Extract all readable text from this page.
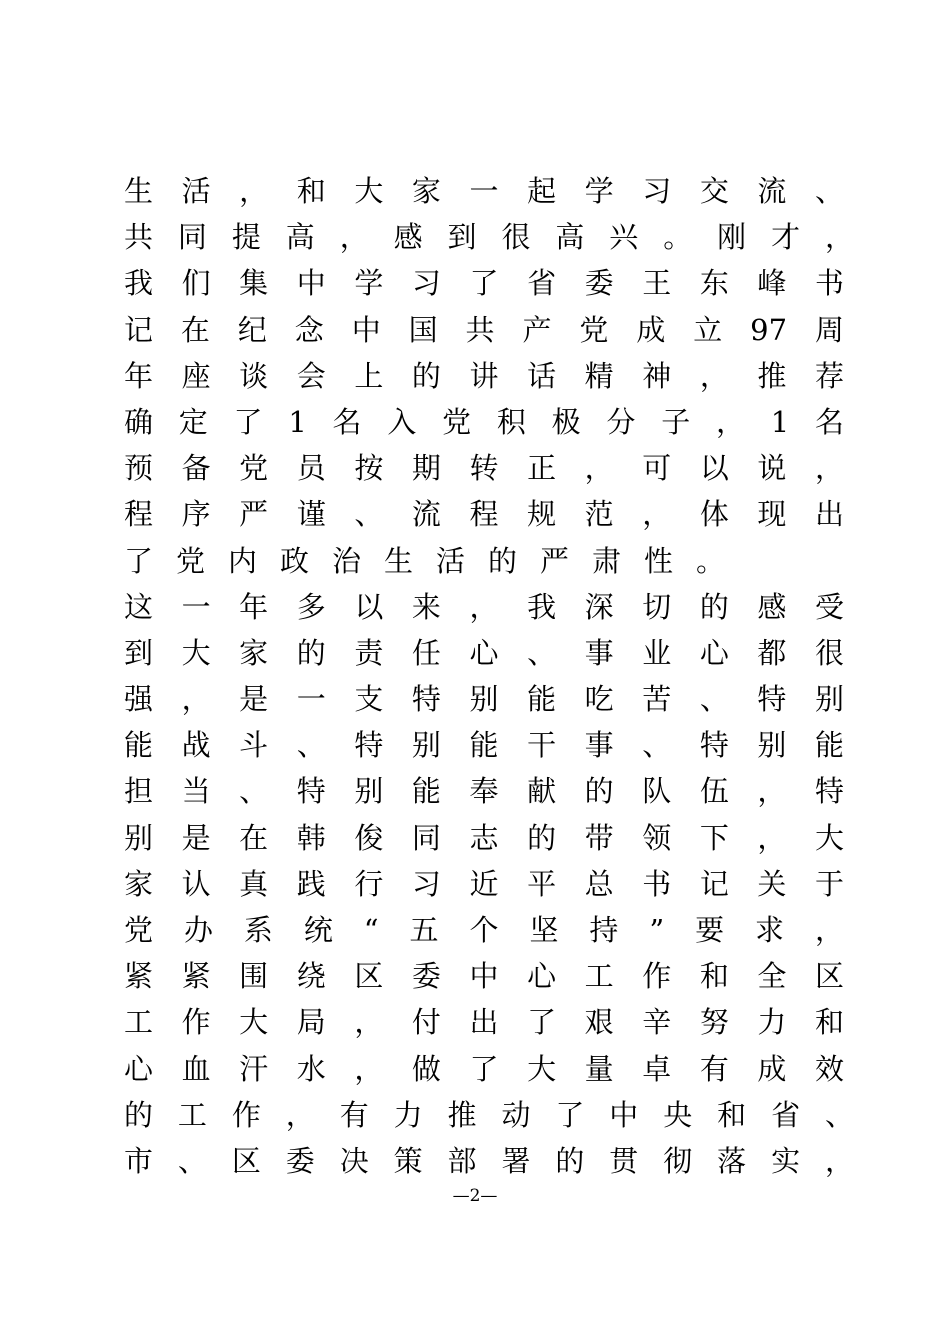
生活，和大家一起学习交流、
共同提高，感到很高兴。刚才，
我们集中学习了省委王东峰书
记在纪念中国共产党成立97周
年座谈会上的讲话精神，推荐
确定了1名入党积极分子，1名
预备党员按期转正，可以说，
程序严谨、流程规范，体现出
了党内政治生活的严肃性。
这一年多以来，我深切的感受
到大家的责任心、事业心都很
强，是一支特别能吃苦、特别
能战斗、特别能干事、特别能
担当、特别能奉献的队伍，特
别是在韩俊同志的带领下，大
家认真践行习近平总书记关于
党办系统“五个坚持”要求，
紧紧围绕区委中心工作和全区
工作大局，付出了艰辛努力和
心血汗水，做了大量卓有成效
的工作，有力推动了中央和省、
市、区委决策部署的贯彻落实，
—2—
